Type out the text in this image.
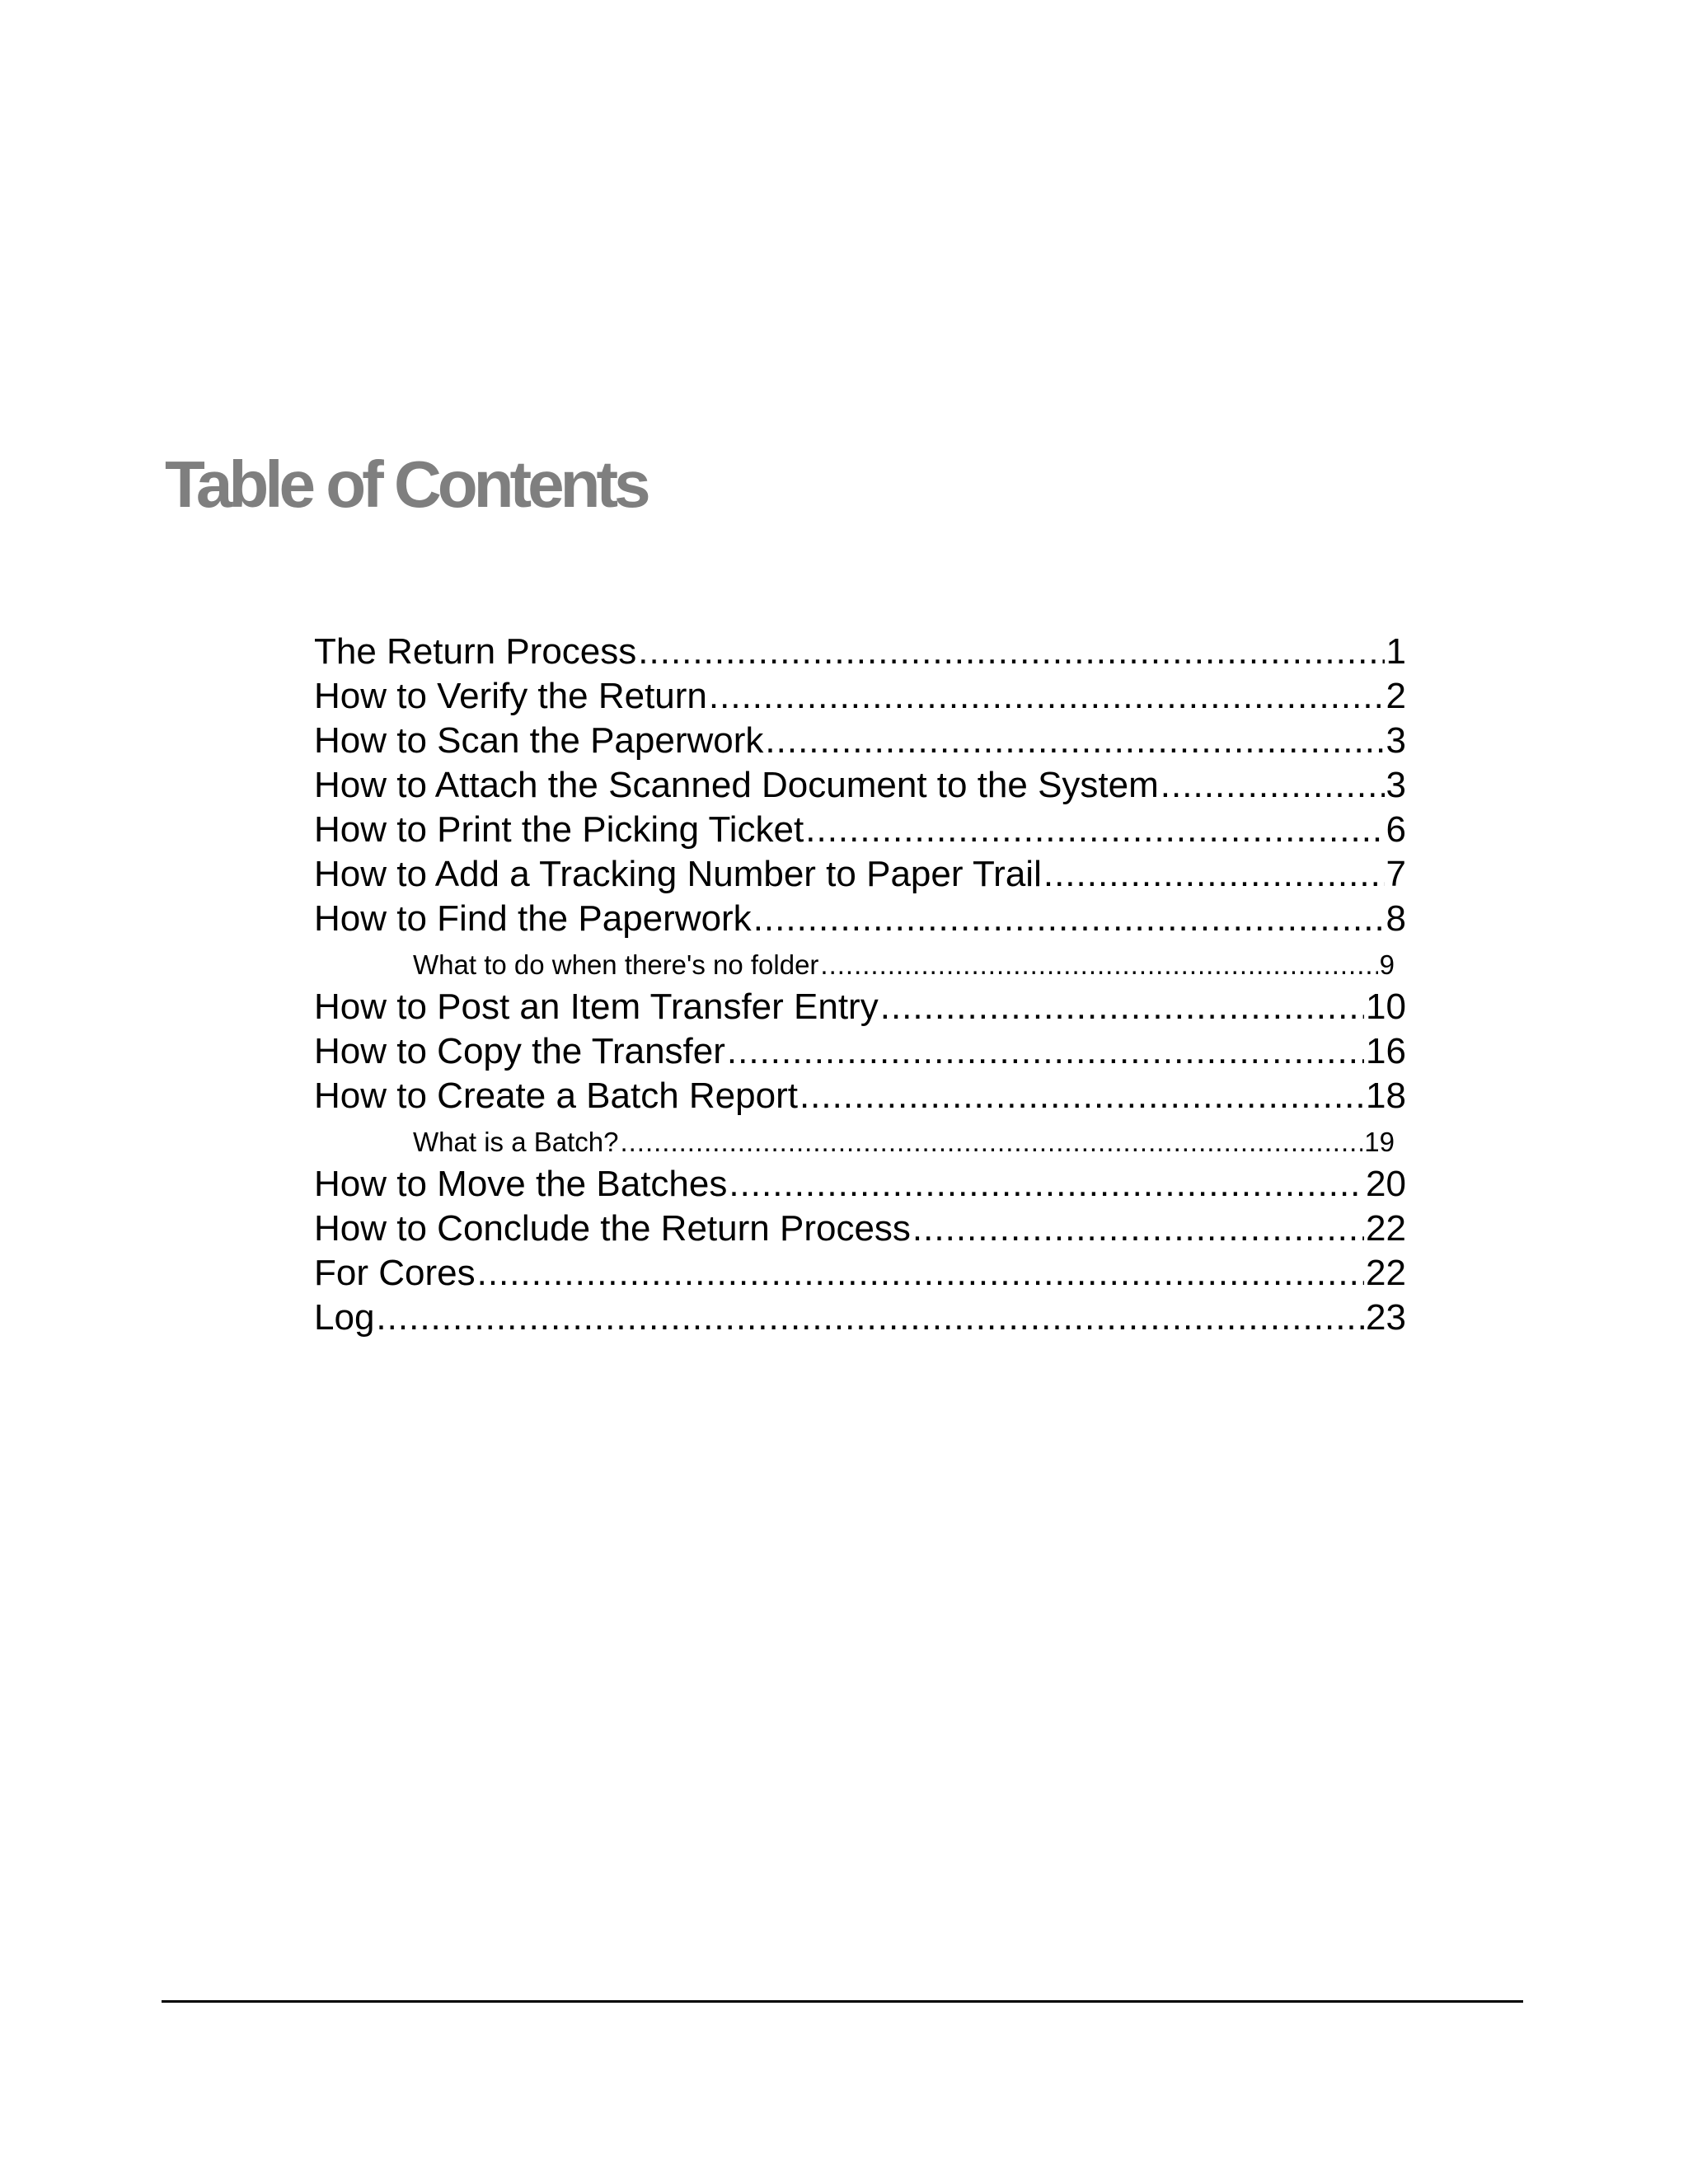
Table of Contents
The Return Process .....	1
How to Verify the Return .....	2
How to Scan the Paperwork .....	3
How to Attach the Scanned Document to the System .....	3
How to Print the Picking Ticket .....	6
How to Add a Tracking Number to Paper Trail .....	7
How to Find the Paperwork .....	8
What to do when there's no folder .....	9
How to Post an Item Transfer Entry .....	10
How to Copy the Transfer .....	16
How to Create a Batch Report .....	18
What is a Batch? .....	19
How to Move the Batches .....	20
How to Conclude the Return Process .....	22
For Cores .....	22
Log .....	23
